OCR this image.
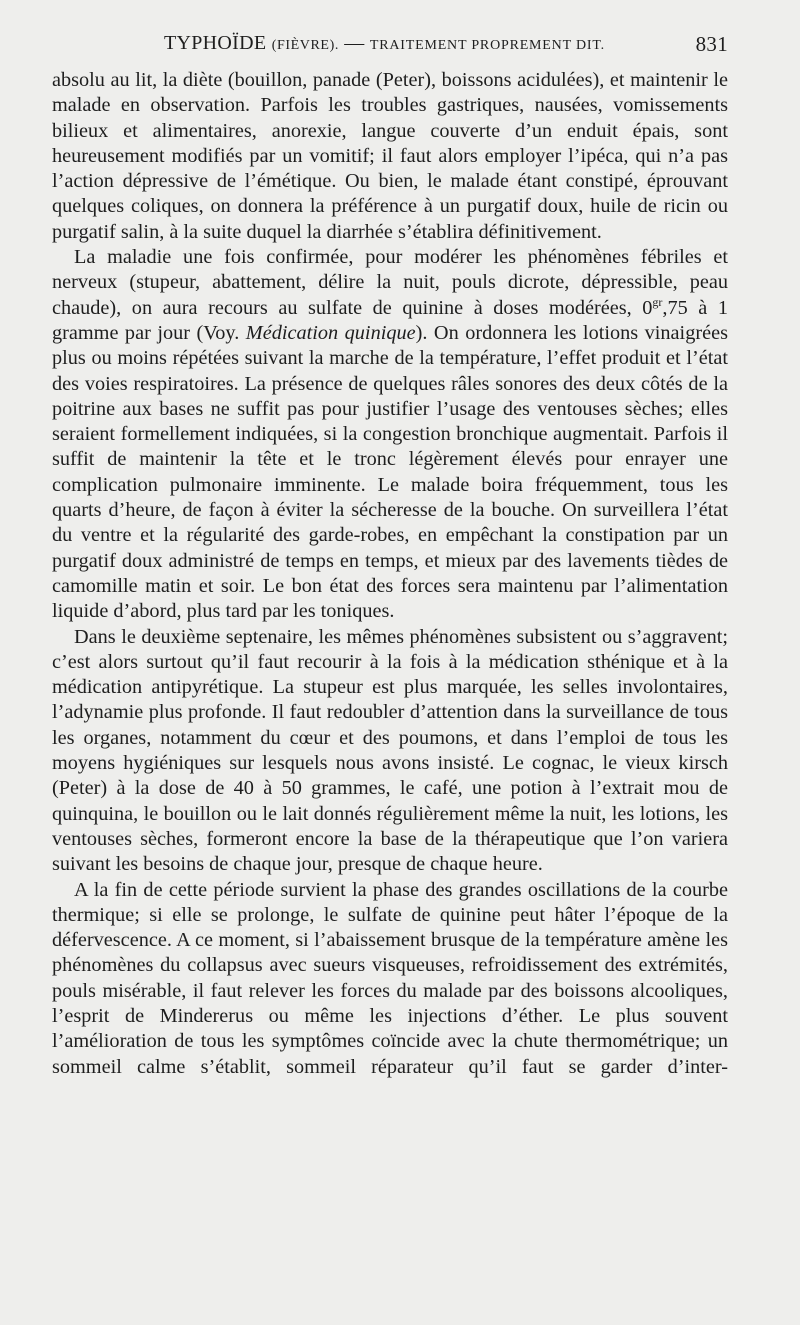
TYPHOÏDE (FIÈVRE). — TRAITEMENT PROPREMENT DIT.	831

absolu au lit, la diète (bouillon, panade (Peter), boissons acidulées), et maintenir le malade en observation. Parfois les troubles gastriques, nausées, vomissements bilieux et alimentaires, anorexie, langue couverte d’un enduit épais, sont heureusement modifiés par un vomitif; il faut alors employer l’ipéca, qui n’a pas l’action dépressive de l’émétique. Ou bien, le malade étant constipé, éprouvant quelques coliques, on donnera la préférence à un purgatif doux, huile de ricin ou purgatif salin, à la suite duquel la diarrhée s’établira définitivement.

La maladie une fois confirmée, pour modérer les phénomènes fébriles et nerveux (stupeur, abattement, délire la nuit, pouls dicrote, dépressible, peau chaude), on aura recours au sulfate de quinine à doses modérées, $0^{gr},75$ à 1 gramme par jour (Voy. Médication quinique). On ordonnera les lotions vinaigrées plus ou moins répétées suivant la marche de la température, l’effet produit et l’état des voies respiratoires. La présence de quelques râles sonores des deux côtés de la poitrine aux bases ne suffit pas pour justifier l’usage des ventouses sèches; elles seraient formellement indiquées, si la congestion bronchique augmentait. Parfois il suffit de maintenir la tête et le tronc légèrement élevés pour enrayer une complication pulmonaire imminente. Le malade boira fréquemment, tous les quarts d’heure, de façon à éviter la sécheresse de la bouche. On surveillera l’état du ventre et la régularité des garde-robes, en empêchant la constipation par un purgatif doux administré de temps en temps, et mieux par des lavements tièdes de camomille matin et soir. Le bon état des forces sera maintenu par l’alimentation liquide d’abord, plus tard par les toniques.

Dans le deuxième septenaire, les mêmes phénomènes subsistent ou s’aggravent; c’est alors surtout qu’il faut recourir à la fois à la médication sthénique et à la médication antipyrétique. La stupeur est plus marquée, les selles involontaires, l’adynamie plus profonde. Il faut redoubler d’attention dans la surveillance de tous les organes, notamment du cœur et des poumons, et dans l’emploi de tous les moyens hygiéniques sur lesquels nous avons insisté. Le cognac, le vieux kirsch (Peter) à la dose de 40 à 50 grammes, le café, une potion à l’extrait mou de quinquina, le bouillon ou le lait donnés régulièrement même la nuit, les lotions, les ventouses sèches, formeront encore la base de la thérapeutique que l’on variera suivant les besoins de chaque jour, presque de chaque heure.

A la fin de cette période survient la phase des grandes oscillations de la courbe thermique; si elle se prolonge, le sulfate de quinine peut hâter l’époque de la défervescence. A ce moment, si l’abaissement brusque de la température amène les phénomènes du collapsus avec sueurs visqueuses, refroidissement des extrémités, pouls misérable, il faut relever les forces du malade par des boissons alcooliques, l’esprit de Mindererus ou même les injections d’éther. Le plus souvent l’amélioration de tous les symptômes coïncide avec la chute thermométrique; un sommeil calme s’établit, sommeil réparateur qu’il faut se garder d’inter-
